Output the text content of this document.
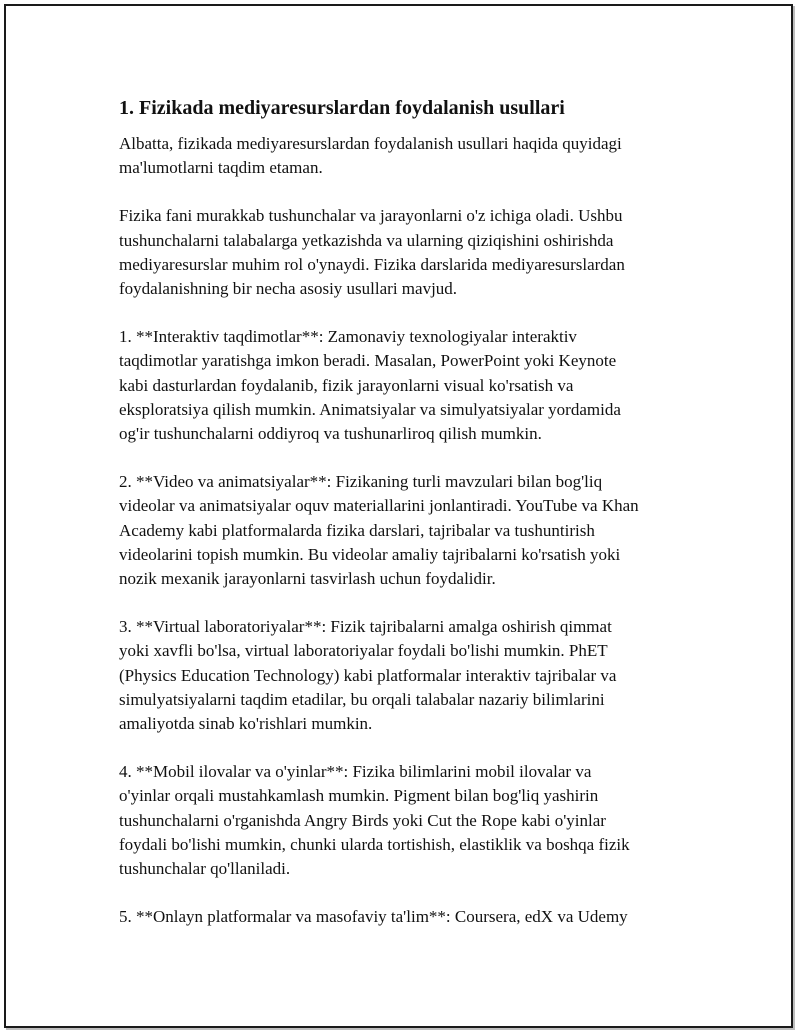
1. Fizikada mediyaresurslardan foydalanish usullari

Albatta, fizikada mediyaresurslardan foydalanish usullari haqida quyidagi
ma'lumotlarni taqdim etaman.

Fizika fani murakkab tushunchalar va jarayonlarni o'z ichiga oladi. Ushbu
tushunchalarni talabalarga yetkazishda va ularning qiziqishini oshirishda
mediyaresurslar muhim rol o'ynaydi. Fizika darslarida mediyaresurslardan
foydalanishning bir necha asosiy usullari mavjud.

1. **Interaktiv taqdimotlar**: Zamonaviy texnologiyalar interaktiv
taqdimotlar yaratishga imkon beradi. Masalan, PowerPoint yoki Keynote
kabi dasturlardan foydalanib, fizik jarayonlarni visual ko'rsatish va
eksploratsiya qilish mumkin. Animatsiyalar va simulyatsiyalar yordamida
og'ir tushunchalarni oddiyroq va tushunarliroq qilish mumkin.

2. **Video va animatsiyalar**: Fizikaning turli mavzulari bilan bog'liq
videolar va animatsiyalar oquv materiallarini jonlantiradi. YouTube va Khan
Academy kabi platformalarda fizika darslari, tajribalar va tushuntirish
videolarini topish mumkin. Bu videolar amaliy tajribalarni ko'rsatish yoki
nozik mexanik jarayonlarni tasvirlash uchun foydalidir.

3. **Virtual laboratoriyalar**: Fizik tajribalarni amalga oshirish qimmat
yoki xavfli bo'lsa, virtual laboratoriyalar foydali bo'lishi mumkin. PhET
(Physics Education Technology) kabi platformalar interaktiv tajribalar va
simulyatsiyalarni taqdim etadilar, bu orqali talabalar nazariy bilimlarini
amaliyotda sinab ko'rishlari mumkin.

4. **Mobil ilovalar va o'yinlar**: Fizika bilimlarini mobil ilovalar va
o'yinlar orqali mustahkamlash mumkin. Pigment bilan bog'liq yashirin
tushunchalarni o'rganishda Angry Birds yoki Cut the Rope kabi o'yinlar
foydali bo'lishi mumkin, chunki ularda tortishish, elastiklik va boshqa fizik
tushunchalar qo'llaniladi.

5. **Onlayn platformalar va masofaviy ta'lim**: Coursera, edX va Udemy
